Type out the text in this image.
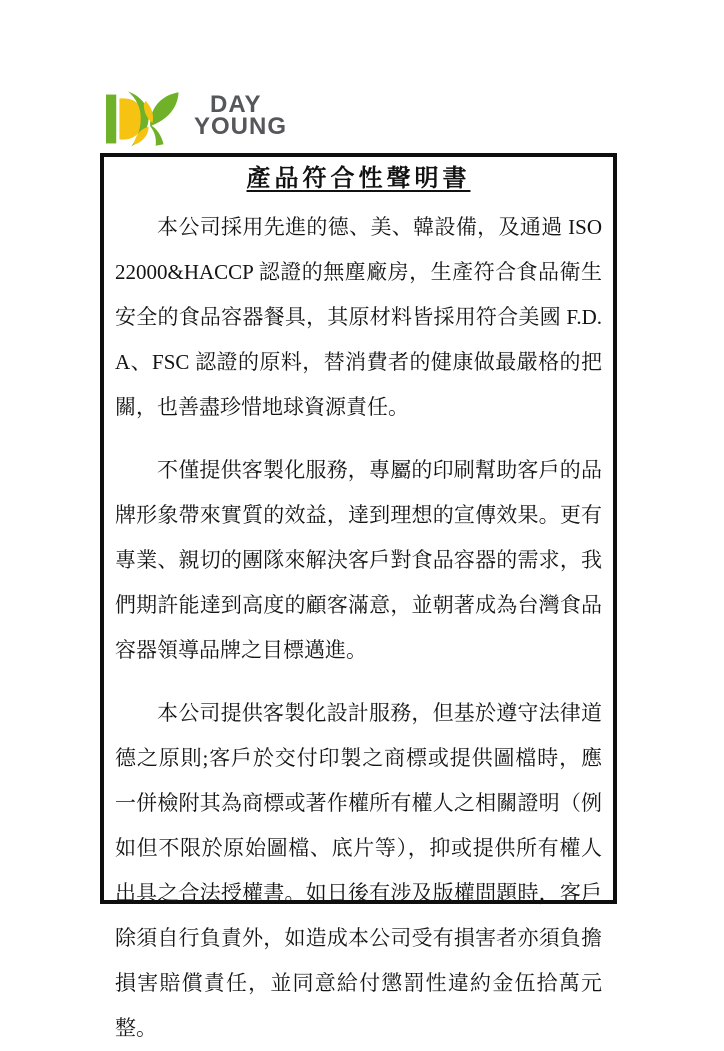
DAY
YOUNG
產品符合性聲明書

本公司採用先進的德、美、韓設備，及通過 ISO22000&HACCP 認證的無塵廠房，生產符合食品衛生安全的食品容器餐具，其原材料皆採用符合美國 F.D.A、FSC 認證的原料，替消費者的健康做最嚴格的把關，也善盡珍惜地球資源責任。

不僅提供客製化服務，專屬的印刷幫助客戶的品牌形象帶來實質的效益，達到理想的宣傳效果。更有專業、親切的團隊來解決客戶對食品容器的需求，我們期許能達到高度的顧客滿意，並朝著成為台灣食品容器領導品牌之目標邁進。

本公司提供客製化設計服務，但基於遵守法律道德之原則;客戶於交付印製之商標或提供圖檔時，應一併檢附其為商標或著作權所有權人之相關證明（例如但不限於原始圖檔、底片等），抑或提供所有權人出具之合法授權書。如日後有涉及版權問題時，客戶除須自行負責外，如造成本公司受有損害者亦須負擔損害賠償責任，並同意給付懲罰性違約金伍拾萬元整。
